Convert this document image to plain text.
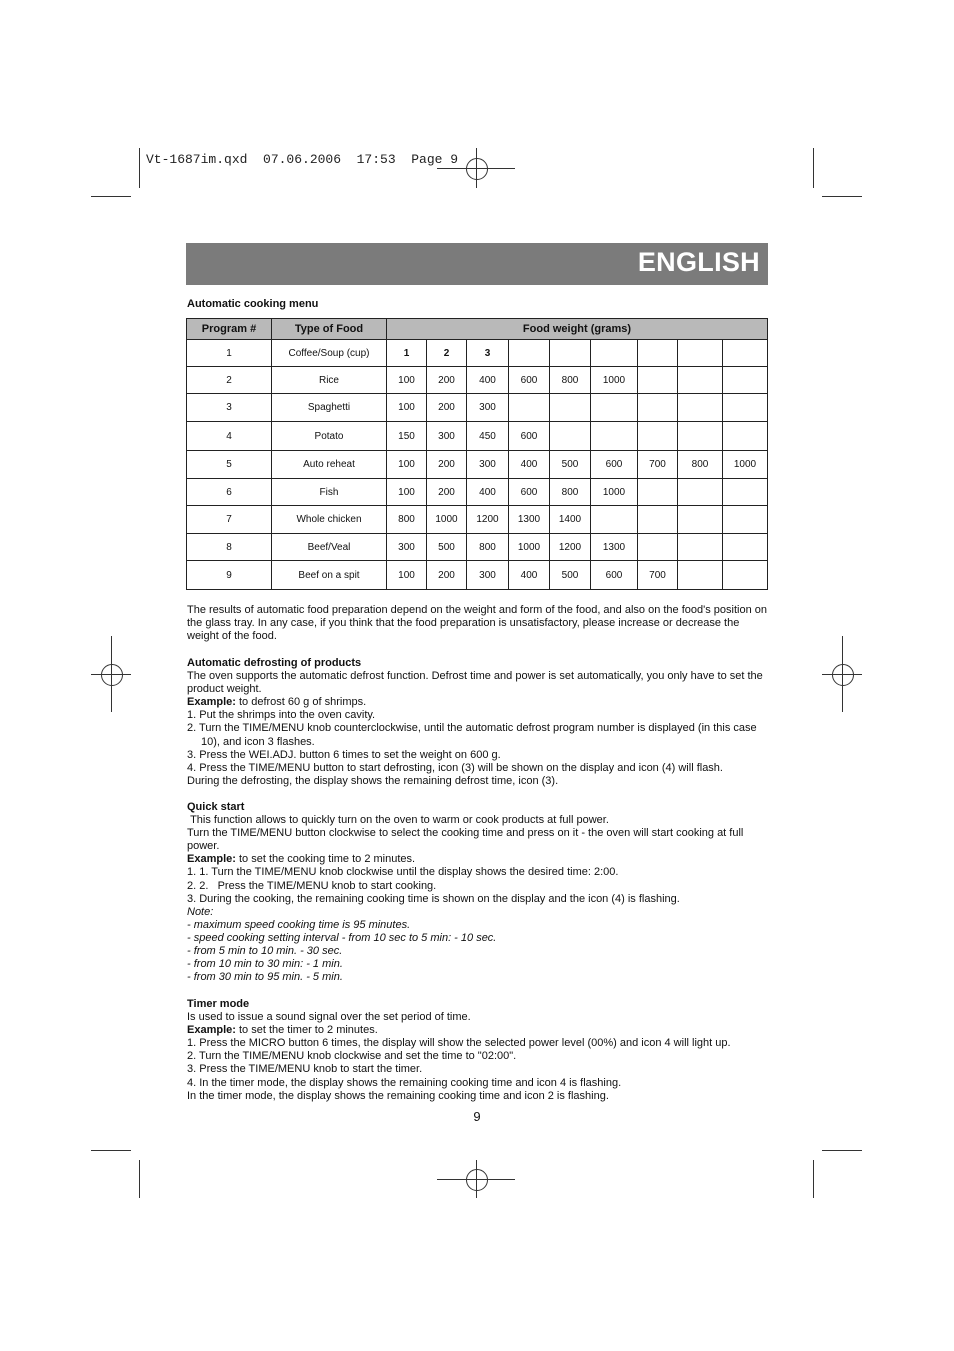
Vt-1687im.qxd  07.06.2006  17:53  Page 9
ENGLISH
Automatic cooking menu
Program #	Type of Food	Food weight (grams)								
1	Coffee/Soup (cup)	1	2	3						
2	Rice	100	200	400	600	800	1000			
3	Spaghetti	100	200	300						
4	Potato	150	300	450	600					
5	Auto reheat	100	200	300	400	500	600	700	800	1000
6	Fish	100	200	400	600	800	1000			
7	Whole chicken	800	1000	1200	1300	1400				
8	Beef/Veal	300	500	800	1000	1200	1300			
9	Beef on a spit	100	200	300	400	500	600	700		

The results of automatic food preparation depend on the weight and form of the food, and also on the food's position on the glass tray. In any case, if you think that the food preparation is unsatisfactory, please increase or decrease the weight of the food.

Automatic defrosting of products

The oven supports the automatic defrost function. Defrost time and power is set automatically, you only have to set the product weight.

Example: to defrost 60 g of shrimps.

1. Put the shrimps into the oven cavity.

2. Turn the TIME/MENU knob counterclockwise, until the automatic defrost program number is displayed (in this case 10), and icon 3 flashes.

3. Press the WEI.ADJ. button 6 times to set the weight on 600 g.

4. Press the TIME/MENU button to start defrosting, icon (3) will be shown on the display and icon (4) will flash.

During the defrosting, the display shows the remaining defrost time, icon (3).

Quick start

This function allows to quickly turn on the oven to warm or cook products at full power.

Turn the TIME/MENU button clockwise to select the cooking time and press on it - the oven will start cooking at full power.

Example: to set the cooking time to 2 minutes.

1. 1. Turn the TIME/MENU knob clockwise until the display shows the desired time: 2:00.

2. 2.   Press the TIME/MENU knob to start cooking.

3. During the cooking, the remaining cooking time is shown on the display and the icon (4) is flashing.

Note:

- maximum speed cooking time is 95 minutes.

- speed cooking setting interval - from 10 sec to 5 min: - 10 sec.

- from 5 min to 10 min. - 30 sec.

- from 10 min to 30 min: - 1 min.

- from 30 min to 95 min. - 5 min.

Timer mode

Is used to issue a sound signal over the set period of time.

Example: to set the timer to 2 minutes.

1. Press the MICRO button 6 times, the display will show the selected power level (00%) and icon 4 will light up.

2. Turn the TIME/MENU knob clockwise and set the time to "02:00".

3. Press the TIME/MENU knob to start the timer.

4. In the timer mode, the display shows the remaining cooking time and icon 4 is flashing.

In the timer mode, the display shows the remaining cooking time and icon 2 is flashing.

9
